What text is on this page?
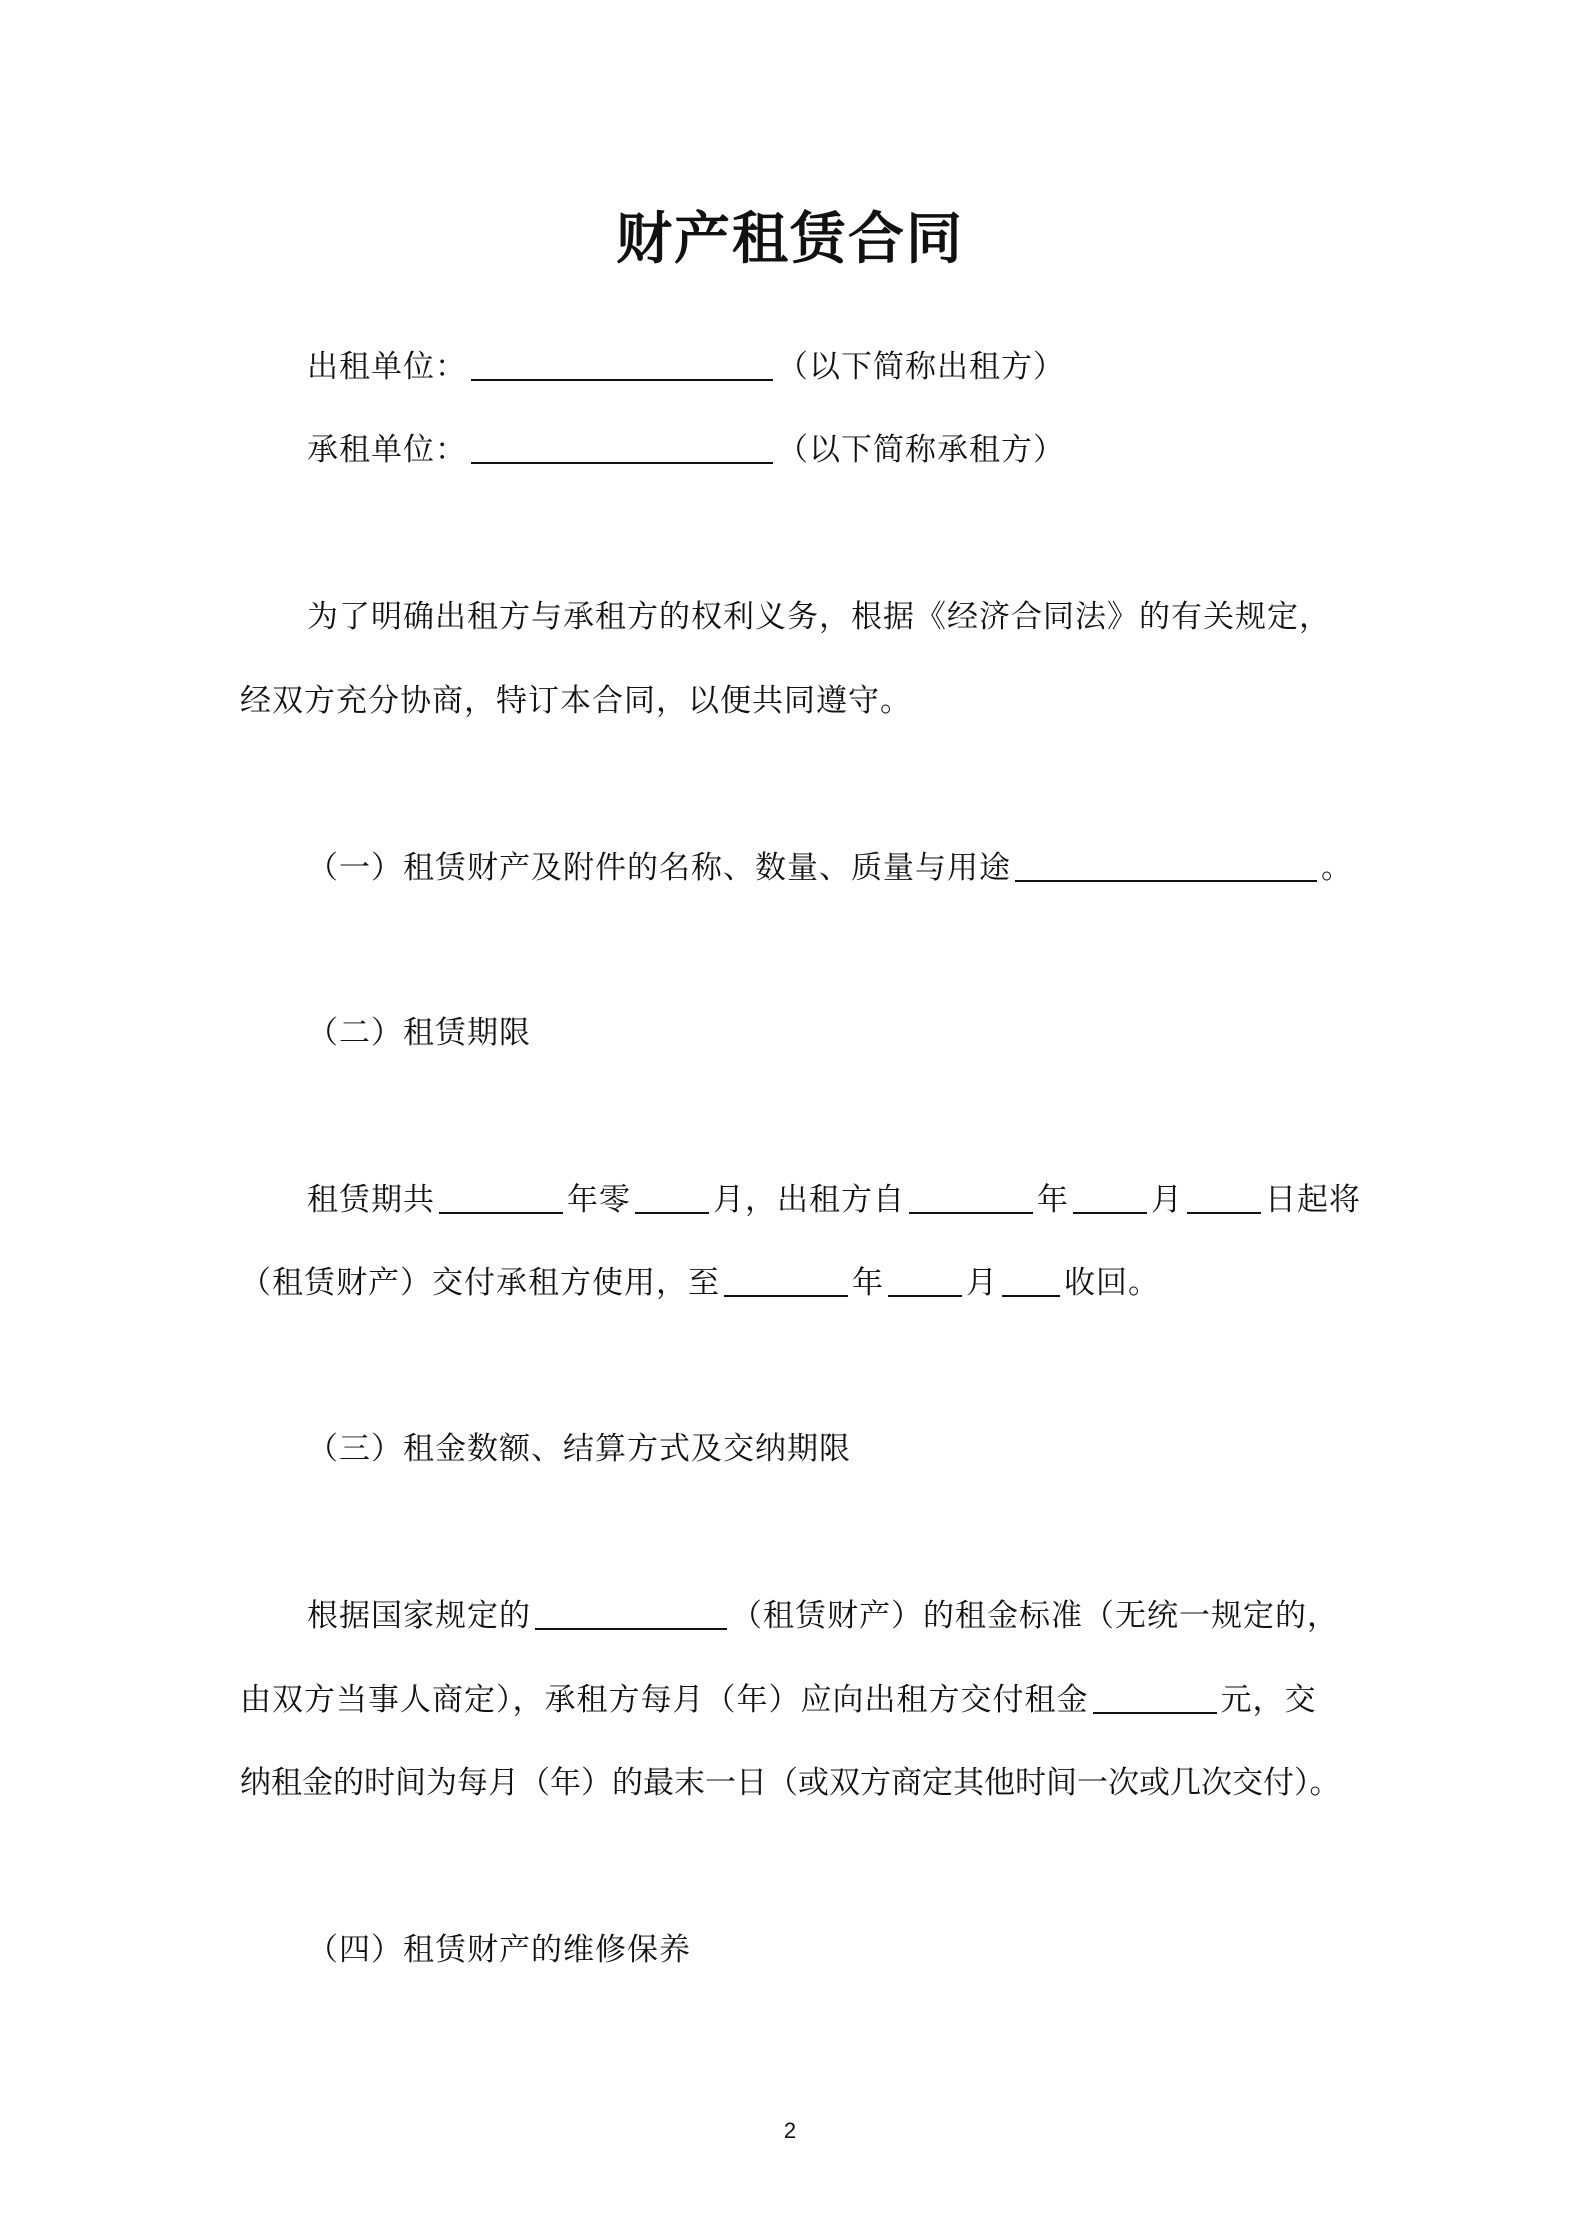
财产租赁合同
出租单位：	（以下简称出租方）
承租单位：	（以下简称承租方）
为了明确出租方与承租方的权利义务，根据《经济合同法》的有关规定，
经双方充分协商，特订本合同，以便共同遵守。
（一）租赁财产及附件的名称、数量、质量与用途	。
（二）租赁期限
租赁期共	年零	月，出租方自	年	月	日起将
（租赁财产）交付承租方使用，至	年	月 收回。
（三）租金数额、结算方式及交纳期限
根据国家规定的	（租赁财产）的租金标准（无统一规定的，
由双方当事人商定），承租方每月（年）应向出租方交付租金	元，交
纳租金的时间为每月（年）的最末一日（或双方商定其他时间一次或几次交付）。
（四）租赁财产的维修保养
2
